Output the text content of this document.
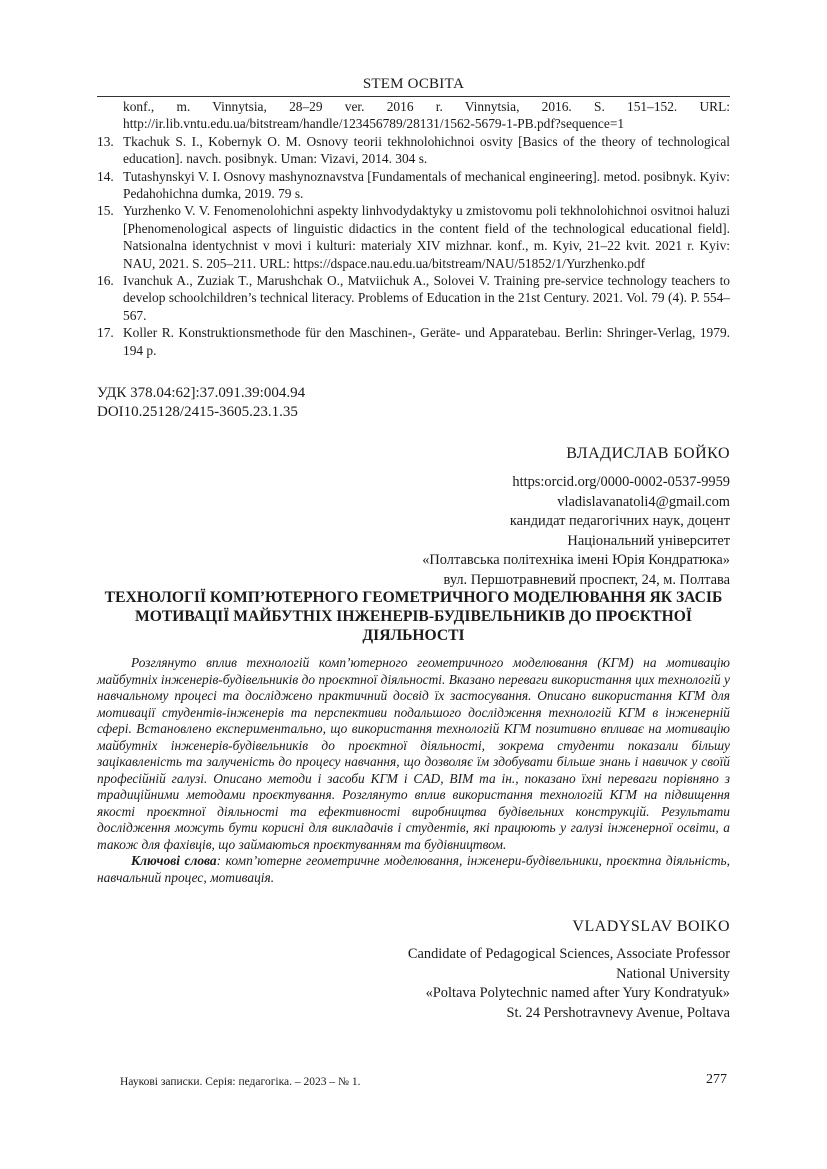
STEM ОСВІТА
konf., m. Vinnytsia, 28–29 ver. 2016 r. Vinnytsia, 2016. S. 151–152. URL: http://ir.lib.vntu.edu.ua/bitstream/handle/123456789/28131/1562-5679-1-PB.pdf?sequence=1
13. Tkachuk S. I., Kobernyk O. M. Osnovy teorii tekhnolohichnoi osvity [Basics of the theory of technological education]. navch. posibnyk. Uman: Vizavi, 2014. 304 s.
14. Tutashynskyi V. I. Osnovy mashynoznavstva [Fundamentals of mechanical engineering]. metod. posibnyk. Kyiv: Pedahohichna dumka, 2019. 79 s.
15. Yurzhenko V. V. Fenomenolohichni aspekty linhvodydaktyky u zmistovomu poli tekhnolohichnoi osvitnoi haluzi [Phenomenological aspects of linguistic didactics in the content field of the technological educational field]. Natsionalna identychnist v movi i kulturi: materialy XIV mizhnar. konf., m. Kyiv, 21–22 kvit. 2021 r. Kyiv: NAU, 2021. S. 205–211. URL: https://dspace.nau.edu.ua/bitstream/NAU/51852/1/Yurzhenko.pdf
16. Ivanchuk A., Zuziak T., Marushchak O., Matviichuk A., Solovei V. Training pre-service technology teachers to develop schoolchildren’s technical literacy. Problems of Education in the 21st Century. 2021. Vol. 79 (4). P. 554–567.
17. Koller R. Konstruktionsmethode für den Maschinen-, Geräte- und Apparatebau. Berlin: Shringer-Verlag, 1979. 194 p.
УДК 378.04:62]:37.091.39:004.94
DOI10.25128/2415-3605.23.1.35
ВЛАДИСЛАВ БОЙКО
https:orcid.org/0000-0002-0537-9959
vladislavanatoli4@gmail.com
кандидат педагогічних наук, доцент
Національний університет
«Полтавська політехніка імені Юрія Кондратюка»
вул. Першотравневий проспект, 24, м. Полтава
ТЕХНОЛОГІЇ КОМП’ЮТЕРНОГО ГЕОМЕТРИЧНОГО МОДЕЛЮВАННЯ ЯК ЗАСІБ МОТИВАЦІЇ МАЙБУТНІХ ІНЖЕНЕРІВ-БУДІВЕЛЬНИКІВ ДО ПРОЄКТНОЇ ДІЯЛЬНОСТІ

Розглянуто вплив технологій комп’ютерного геометричного моделювання (КГМ) на мотивацію майбутніх інженерів-будівельників до проєктної діяльності. Вказано переваги використання цих технологій у навчальному процесі та досліджено практичний досвід їх застосування. Описано використання КГМ для мотивації студентів-інженерів та перспективи подальшого дослідження технологій КГМ в інженерній сфері. Встановлено експериментально, що використання технологій КГМ позитивно впливає на мотивацію майбутніх інженерів-будівельників до проєктної діяльності, зокрема студенти показали більшу зацікавленість та залученість до процесу навчання, що дозволяє їм здобувати більше знань і навичок у своїй професійній галузі. Описано методи і засоби КГМ і CAD, BIM та ін., показано їхні переваги порівняно з традиційними методами проєктування. Розглянуто вплив використання технологій КГМ на підвищення якості проєктної діяльності та ефективності виробництва будівельних конструкцій. Результати дослідження можуть бути корисні для викладачів і студентів, які працюють у галузі інженерної освіти, а також для фахівців, що займаються проєктуванням та будівництвом.

Ключові слова: комп’ютерне геометричне моделювання, інженери-будівельники, проєктна діяльність, навчальний процес, мотивація.

VLADYSLAV BOIKO
Candidate of Pedagogical Sciences, Associate Professor
National University
«Poltava Polytechnic named after Yury Kondratyuk»
St. 24 Pershotravnevy Avenue, Poltava
Наукові записки. Серія: педагогіка. – 2023 – № 1.	277
